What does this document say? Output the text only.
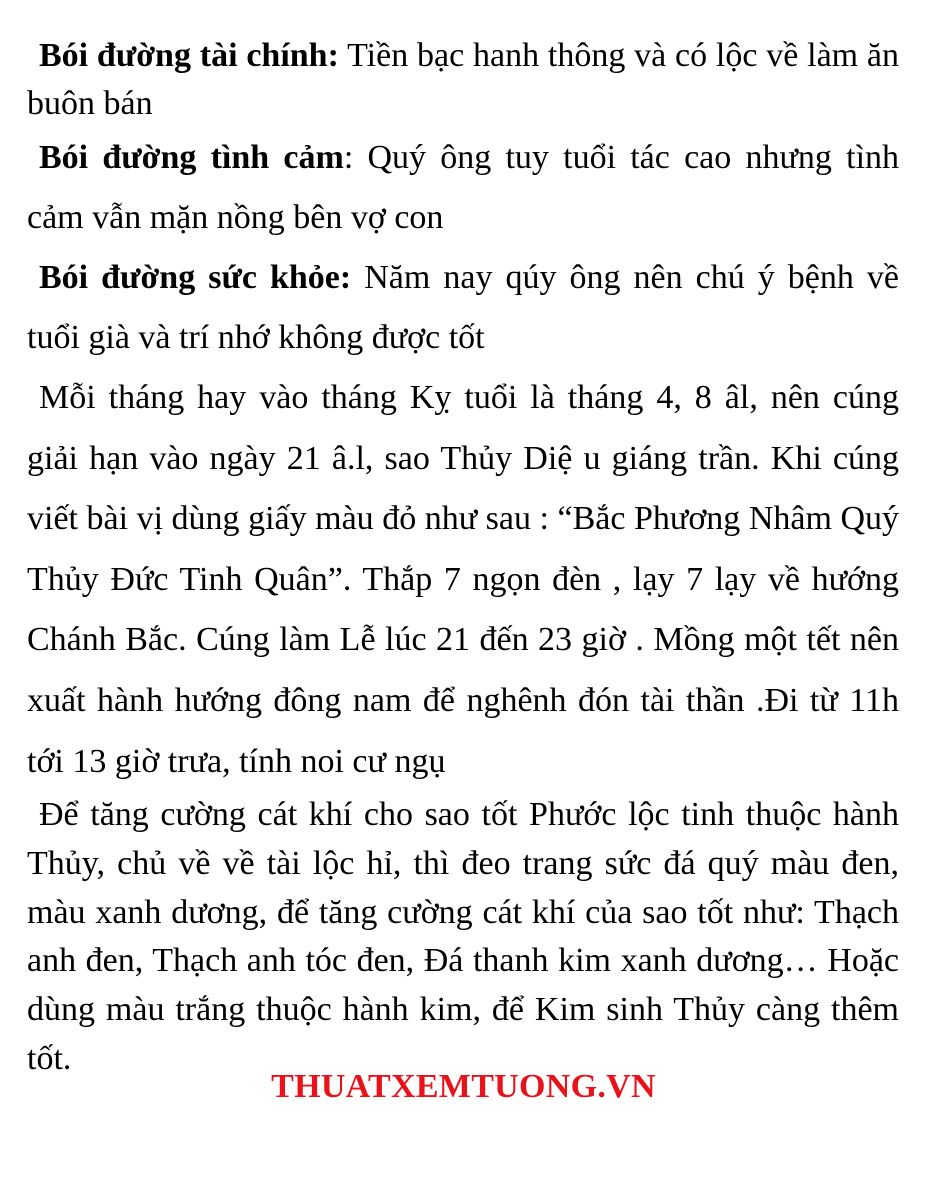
Bói đường tài chính: Tiền bạc hanh thông và có lộc về làm ăn buôn bán

Bói đường tình cảm: Quý ông tuy tuổi tác cao nhưng tình cảm vẫn mặn nồng bên vợ con

Bói đường sức khỏe: Năm nay qúy ông nên chú ý bệnh về tuổi già và trí nhớ không được tốt

Mỗi tháng hay vào tháng Kỵ tuổi là tháng 4, 8 âl, nên cúng giải hạn vào ngày 21 â.l, sao Thủy Diệ u giáng trần. Khi cúng viết bài vị dùng giấy màu đỏ như sau : “Bắc Phương Nhâm Quý Thủy Đức Tinh Quân”. Thắp 7 ngọn đèn , lạy 7 lạy về hướng Chánh Bắc. Cúng làm Lễ lúc 21 đến 23 giờ . Mồng một tết nên xuất hành hướng đông nam để nghênh đón tài thần .Đi từ 11h tới 13 giờ trưa, tính noi cư ngụ

Để tăng cường cát khí cho sao tốt Phước lộc tinh thuộc hành Thủy, chủ về về tài lộc hỉ, thì đeo trang sức đá quý màu đen, màu xanh dương, để tăng cường cát khí của sao tốt như: Thạch anh đen, Thạch anh tóc đen, Đá thanh kim xanh dương… Hoặc dùng màu trắng thuộc hành kim, để Kim sinh Thủy càng thêm tốt.

THUATXEMTUONG.VN
